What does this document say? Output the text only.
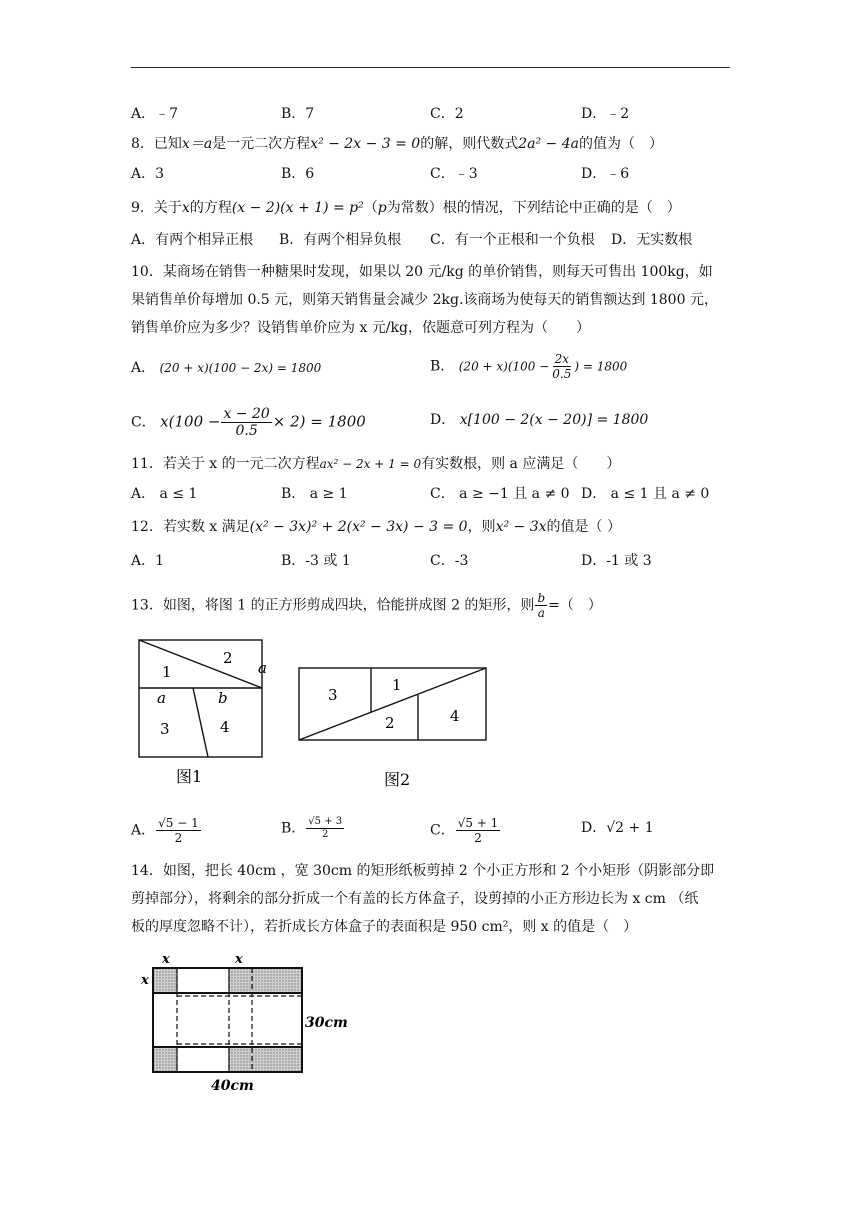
A．﹣7	B．7	C．2	D．﹣2
8．已知x＝a是一元二次方程x² − 2x − 3 = 0的解，则代数式2a² − 4a的值为（　）
A．3	B．6	C．﹣3	D．﹣6
9．关于x的方程(x − 2)(x + 1) = p²（p为常数）根的情况，下列结论中正确的是（　）
A．有两个相异正根 B．有两个相异负根 C．有一个正根和一个负根 D．无实数根
10．某商场在销售一种糖果时发现，如果以 20 元/kg 的单价销售，则每天可售出 100kg，如
果销售单价每增加 0.5 元，则第天销售量会减少 2kg.该商场为使每天的销售额达到 1800 元，
销售单价应为多少？设销售单价应为 x 元/kg，依题意可列方程为（　　）
A． (20 + x)(100 − 2x) = 1800	B． $(20 + x)(100 - \frac{2x}{0.5}$ ) = 1800
C． $x(100 - \frac{x - 20}{0.5} \times 2) = 1800$	D． x[100 − 2(x − 20)] = 1800
11．若关于 x 的一元二次方程ax² − 2x + 1 = 0有实数根，则 a 应满足（　　）
A． a ≤ 1	B． a ≥ 1	C． a ≥ −1 且 a ≠ 0 D． a ≤ 1 且 a ≠ 0
12．若实数 x 满足(x² − 3x)² + 2(x² − 3x) − 3 = 0，则x² − 3x的值是（ ）
A．1	B．-3 或 1	C．-3	D．-1 或 3
13．如图，将图 1 的正方形剪成四块，恰能拼成图 2 的矩形，则 $\frac{b}{a}$ =（　）
1
2
a
a	b
3	4
图1
3
1
2	4
图2
A． $\frac{√5 - 1}{2}$	B． $\frac{√5 + 3}{2}$	C． $\frac{√5 + 1}{2}$	D．√2 + 1
14．如图，把长 40cm ，宽 30cm 的矩形纸板剪掉 2 个小正方形和 2 个小矩形（阴影部分即
剪掉部分），将剩余的部分折成一个有盖的长方体盒子，设剪掉的小正方形边长为 x cm （纸
板的厚度忽略不计），若折成长方体盒子的表面积是 950 cm²，则 x 的值是（　）
x	x
x
30cm
40cm
